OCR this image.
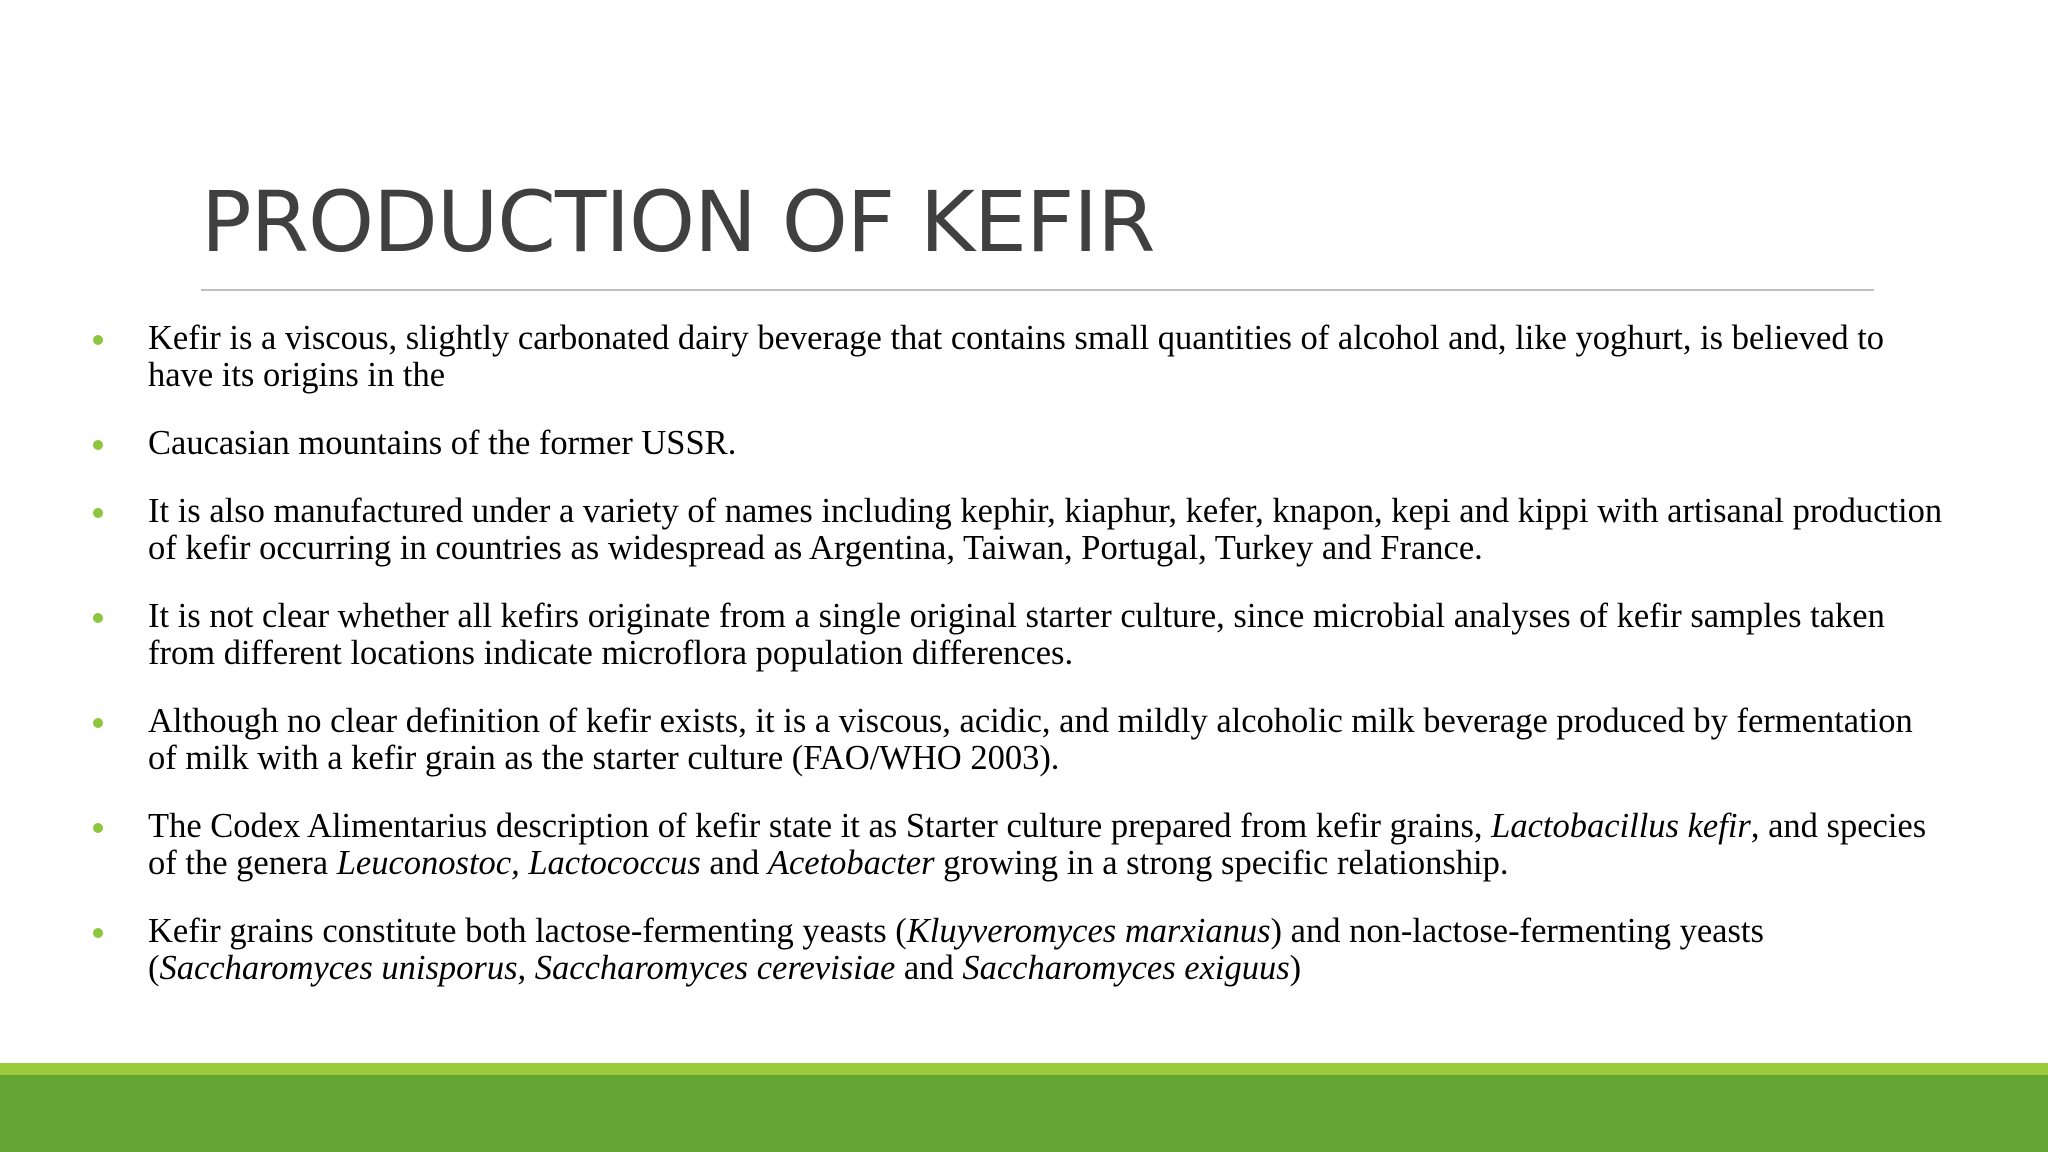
PRODUCTION OF KEFIR
Kefir is a viscous, slightly carbonated dairy beverage that contains small quantities of alcohol and, like yoghurt, is believed to have its origins in the
Caucasian mountains of the former USSR.
It is also manufactured under a variety of names including kephir, kiaphur, kefer, knapon, kepi and kippi with artisanal production of kefir occurring in countries as widespread as Argentina, Taiwan, Portugal, Turkey and France.
It is not clear whether all kefirs originate from a single original starter culture, since microbial analyses of kefir samples taken from different locations indicate microflora population differences.
Although no clear definition of kefir exists, it is a viscous, acidic, and mildly alcoholic milk beverage produced by fermentation of milk with a kefir grain as the starter culture (FAO/WHO 2003).
The Codex Alimentarius description of kefir state it as Starter culture prepared from kefir grains, Lactobacillus kefir, and species of the genera Leuconostoc, Lactococcus and Acetobacter growing in a strong specific relationship.
Kefir grains constitute both lactose-fermenting yeasts (Kluyveromyces marxianus) and non-lactose-fermenting yeasts (Saccharomyces unisporus, Saccharomyces cerevisiae and Saccharomyces exiguus)
